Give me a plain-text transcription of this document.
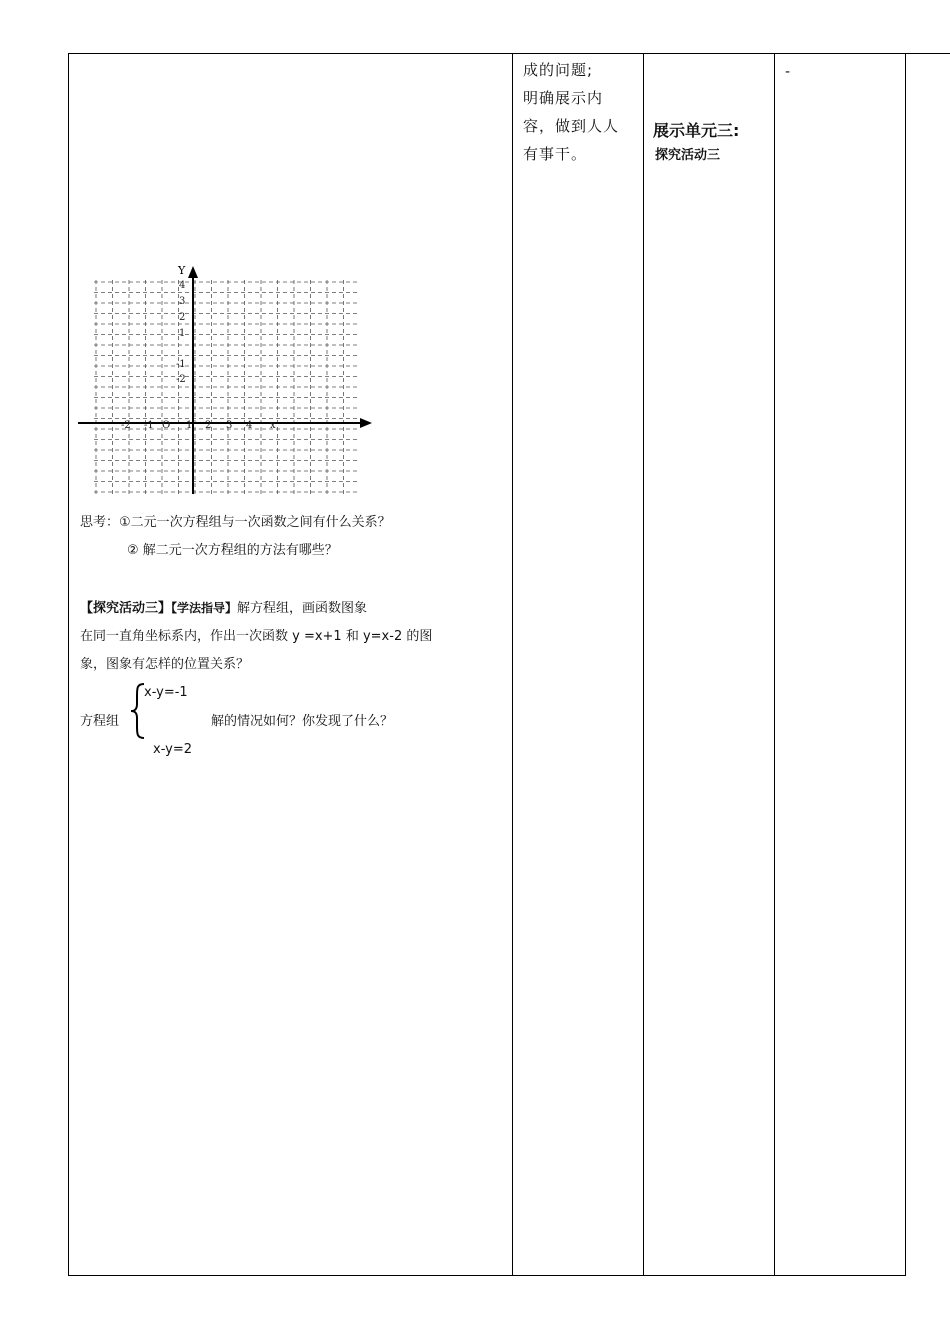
成的问题;
明确展示内
容，做到人人
有事干。
展示单元三:
探究活动三
-
Y
4
3
2
1
-1
-2
-2 -1 O 1 2 3 4 x
思考：①二元一次方程组与一次函数之间有什么关系？
② 解二元一次方程组的方法有哪些？
【探究活动三】【学法指导】解方程组，画函数图象
在同一直角坐标系内，作出一次函数 y =x+1 和 y=x-2 的图
象，图象有怎样的位置关系？
方程组
x-y=-1
x-y=2
解的情况如何？你发现了什么？
